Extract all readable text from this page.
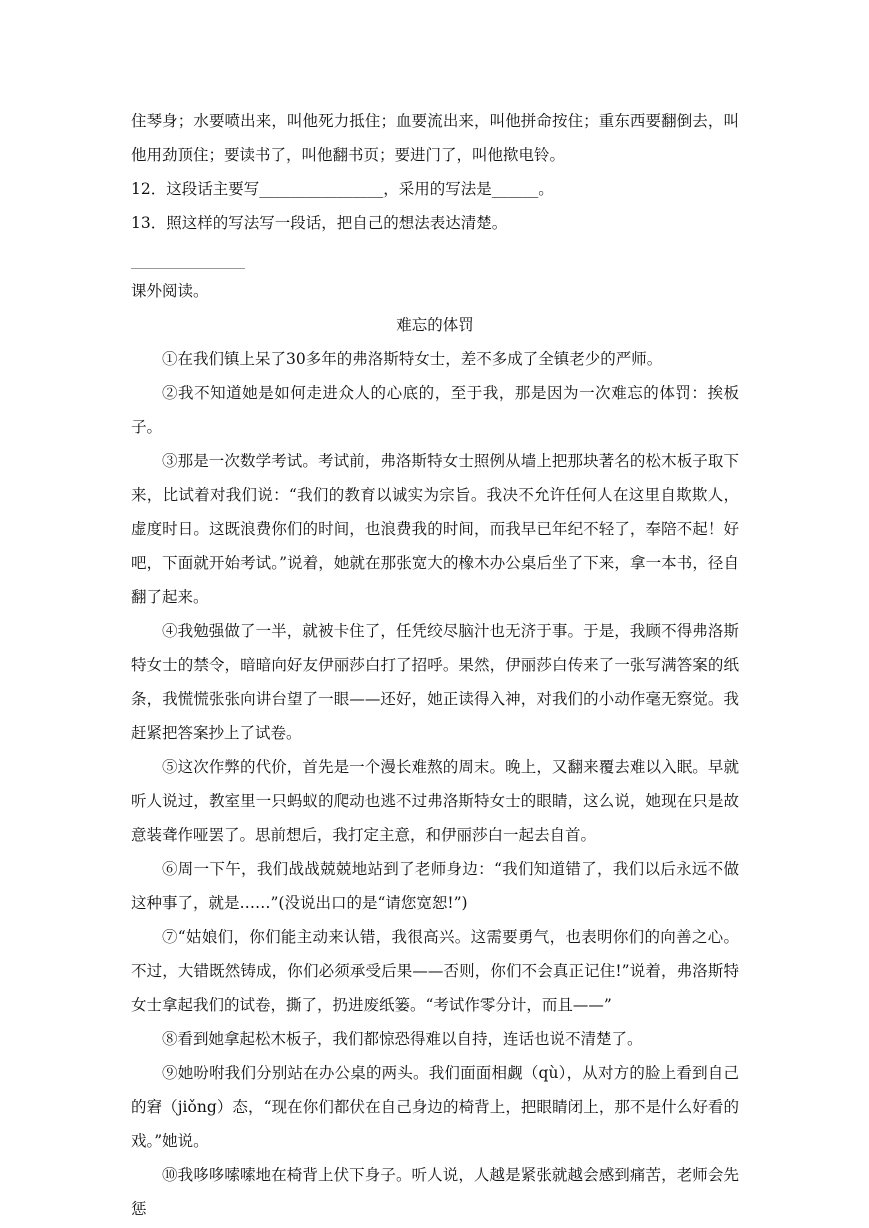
住琴身；水要喷出来，叫他死力抵住；血要流出来，叫他拼命按住；重东西要翻倒去，叫他用劲顶住；要读书了，叫他翻书页；要进门了，叫他揿电铃。

12．这段话主要写________________，采用的写法是______。
13．照这样的写法写一段话，把自己的想法表达清楚。
课外阅读。
难忘的体罚

①在我们镇上呆了30多年的弗洛斯特女士，差不多成了全镇老少的严师。

②我不知道她是如何走进众人的心底的，至于我，那是因为一次难忘的体罚：挨板子。

③那是一次数学考试。考试前，弗洛斯特女士照例从墙上把那块著名的松木板子取下来，比试着对我们说：“我们的教育以诚实为宗旨。我决不允许任何人在这里自欺欺人，虚度时日。这既浪费你们的时间，也浪费我的时间，而我早已年纪不轻了，奉陪不起！好吧，下面就开始考试。”说着，她就在那张宽大的橡木办公桌后坐了下来，拿一本书，径自翻了起来。

④我勉强做了一半，就被卡住了，任凭绞尽脑汁也无济于事。于是，我顾不得弗洛斯特女士的禁令，暗暗向好友伊丽莎白打了招呼。果然，伊丽莎白传来了一张写满答案的纸条，我慌慌张张向讲台望了一眼——还好，她正读得入神，对我们的小动作毫无察觉。我赶紧把答案抄上了试卷。

⑤这次作弊的代价，首先是一个漫长难熬的周末。晚上，又翻来覆去难以入眠。早就听人说过，教室里一只蚂蚁的爬动也逃不过弗洛斯特女士的眼睛，这么说，她现在只是故意装聋作哑罢了。思前想后，我打定主意，和伊丽莎白一起去自首。

⑥周一下午，我们战战兢兢地站到了老师身边：“我们知道错了，我们以后永远不做这种事了，就是……”(没说出口的是“请您宽恕!”)

⑦“姑娘们，你们能主动来认错，我很高兴。这需要勇气，也表明你们的向善之心。不过，大错既然铸成，你们必须承受后果——否则，你们不会真正记住!”说着，弗洛斯特女士拿起我们的试卷，撕了，扔进废纸篓。“考试作零分计，而且——”

⑧看到她拿起松木板子，我们都惊恐得难以自持，连话也说不清楚了。

⑨她吩咐我们分别站在办公桌的两头。我们面面相觑（qù），从对方的脸上看到自己的窘（jiǒng）态，“现在你们都伏在自己身边的椅背上，把眼睛闭上，那不是什么好看的戏。”她说。

⑩我哆哆嗦嗦地在椅背上伏下身子。听人说，人越是紧张就越会感到痛苦，老师会先惩
